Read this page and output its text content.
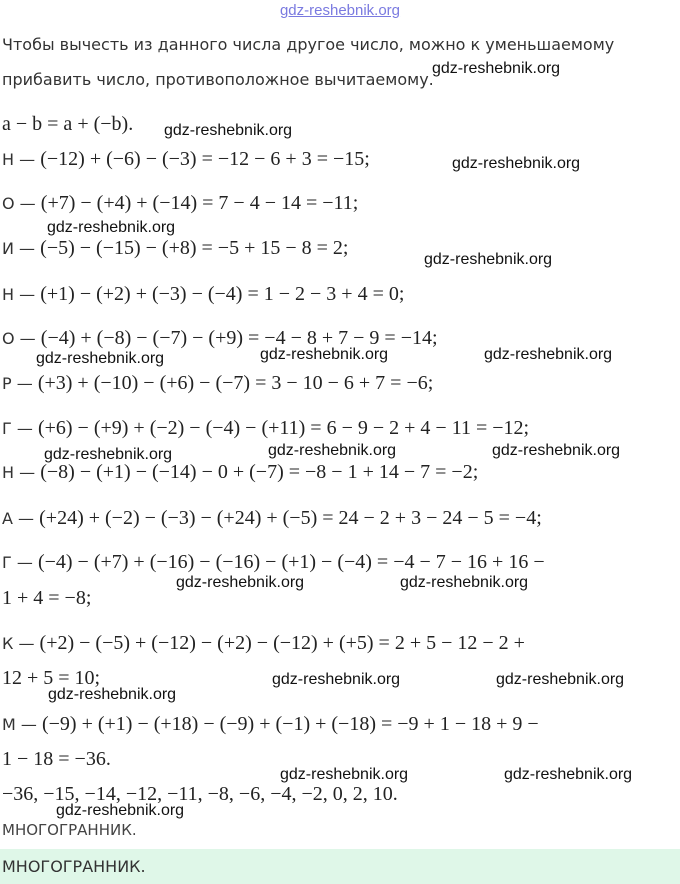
gdz-reshebnik.org
Чтобы вычесть из данного числа другое число, можно к уменьшаемому
прибавить число, противоположное вычитаемому.
a − b = a + (−b).
Н — (−12) + (−6) − (−3) = −12 − 6 + 3 = −15;
О — (+7) − (+4) + (−14) = 7 − 4 − 14 = −11;
И — (−5) − (−15) − (+8) = −5 + 15 − 8 = 2;
Н — (+1) − (+2) + (−3) − (−4) = 1 − 2 − 3 + 4 = 0;
О — (−4) + (−8) − (−7) − (+9) = −4 − 8 + 7 − 9 = −14;
Р — (+3) + (−10) − (+6) − (−7) = 3 − 10 − 6 + 7 = −6;
Г — (+6) − (+9) + (−2) − (−4) − (+11) = 6 − 9 − 2 + 4 − 11 = −12;
Н — (−8) − (+1) − (−14) − 0 + (−7) = −8 − 1 + 14 − 7 = −2;
А — (+24) + (−2) − (−3) − (+24) + (−5) = 24 − 2 + 3 − 24 − 5 = −4;
Г — (−4) − (+7) + (−16) − (−16) − (+1) − (−4) = −4 − 7 − 16 + 16 −
1 + 4 = −8;
К — (+2) − (−5) + (−12) − (+2) − (−12) + (+5) = 2 + 5 − 12 − 2 +
12 + 5 = 10;
М — (−9) + (+1) − (+18) − (−9) + (−1) + (−18) = −9 + 1 − 18 + 9 −
1 − 18 = −36.
−36, −15, −14, −12, −11, −8, −6, −4, −2, 0, 2, 10.
МНОГОГРАННИК.
МНОГОГРАННИК.
gdz-reshebnik.org
gdz-reshebnik.org
gdz-reshebnik.org
gdz-reshebnik.org
gdz-reshebnik.org
gdz-reshebnik.org	gdz-reshebnik.org	gdz-reshebnik.org
gdz-reshebnik.org	gdz-reshebnik.org	gdz-reshebnik.org
gdz-reshebnik.org	gdz-reshebnik.org
gdz-reshebnik.org	gdz-reshebnik.org
gdz-reshebnik.org
gdz-reshebnik.org	gdz-reshebnik.org
gdz-reshebnik.org
